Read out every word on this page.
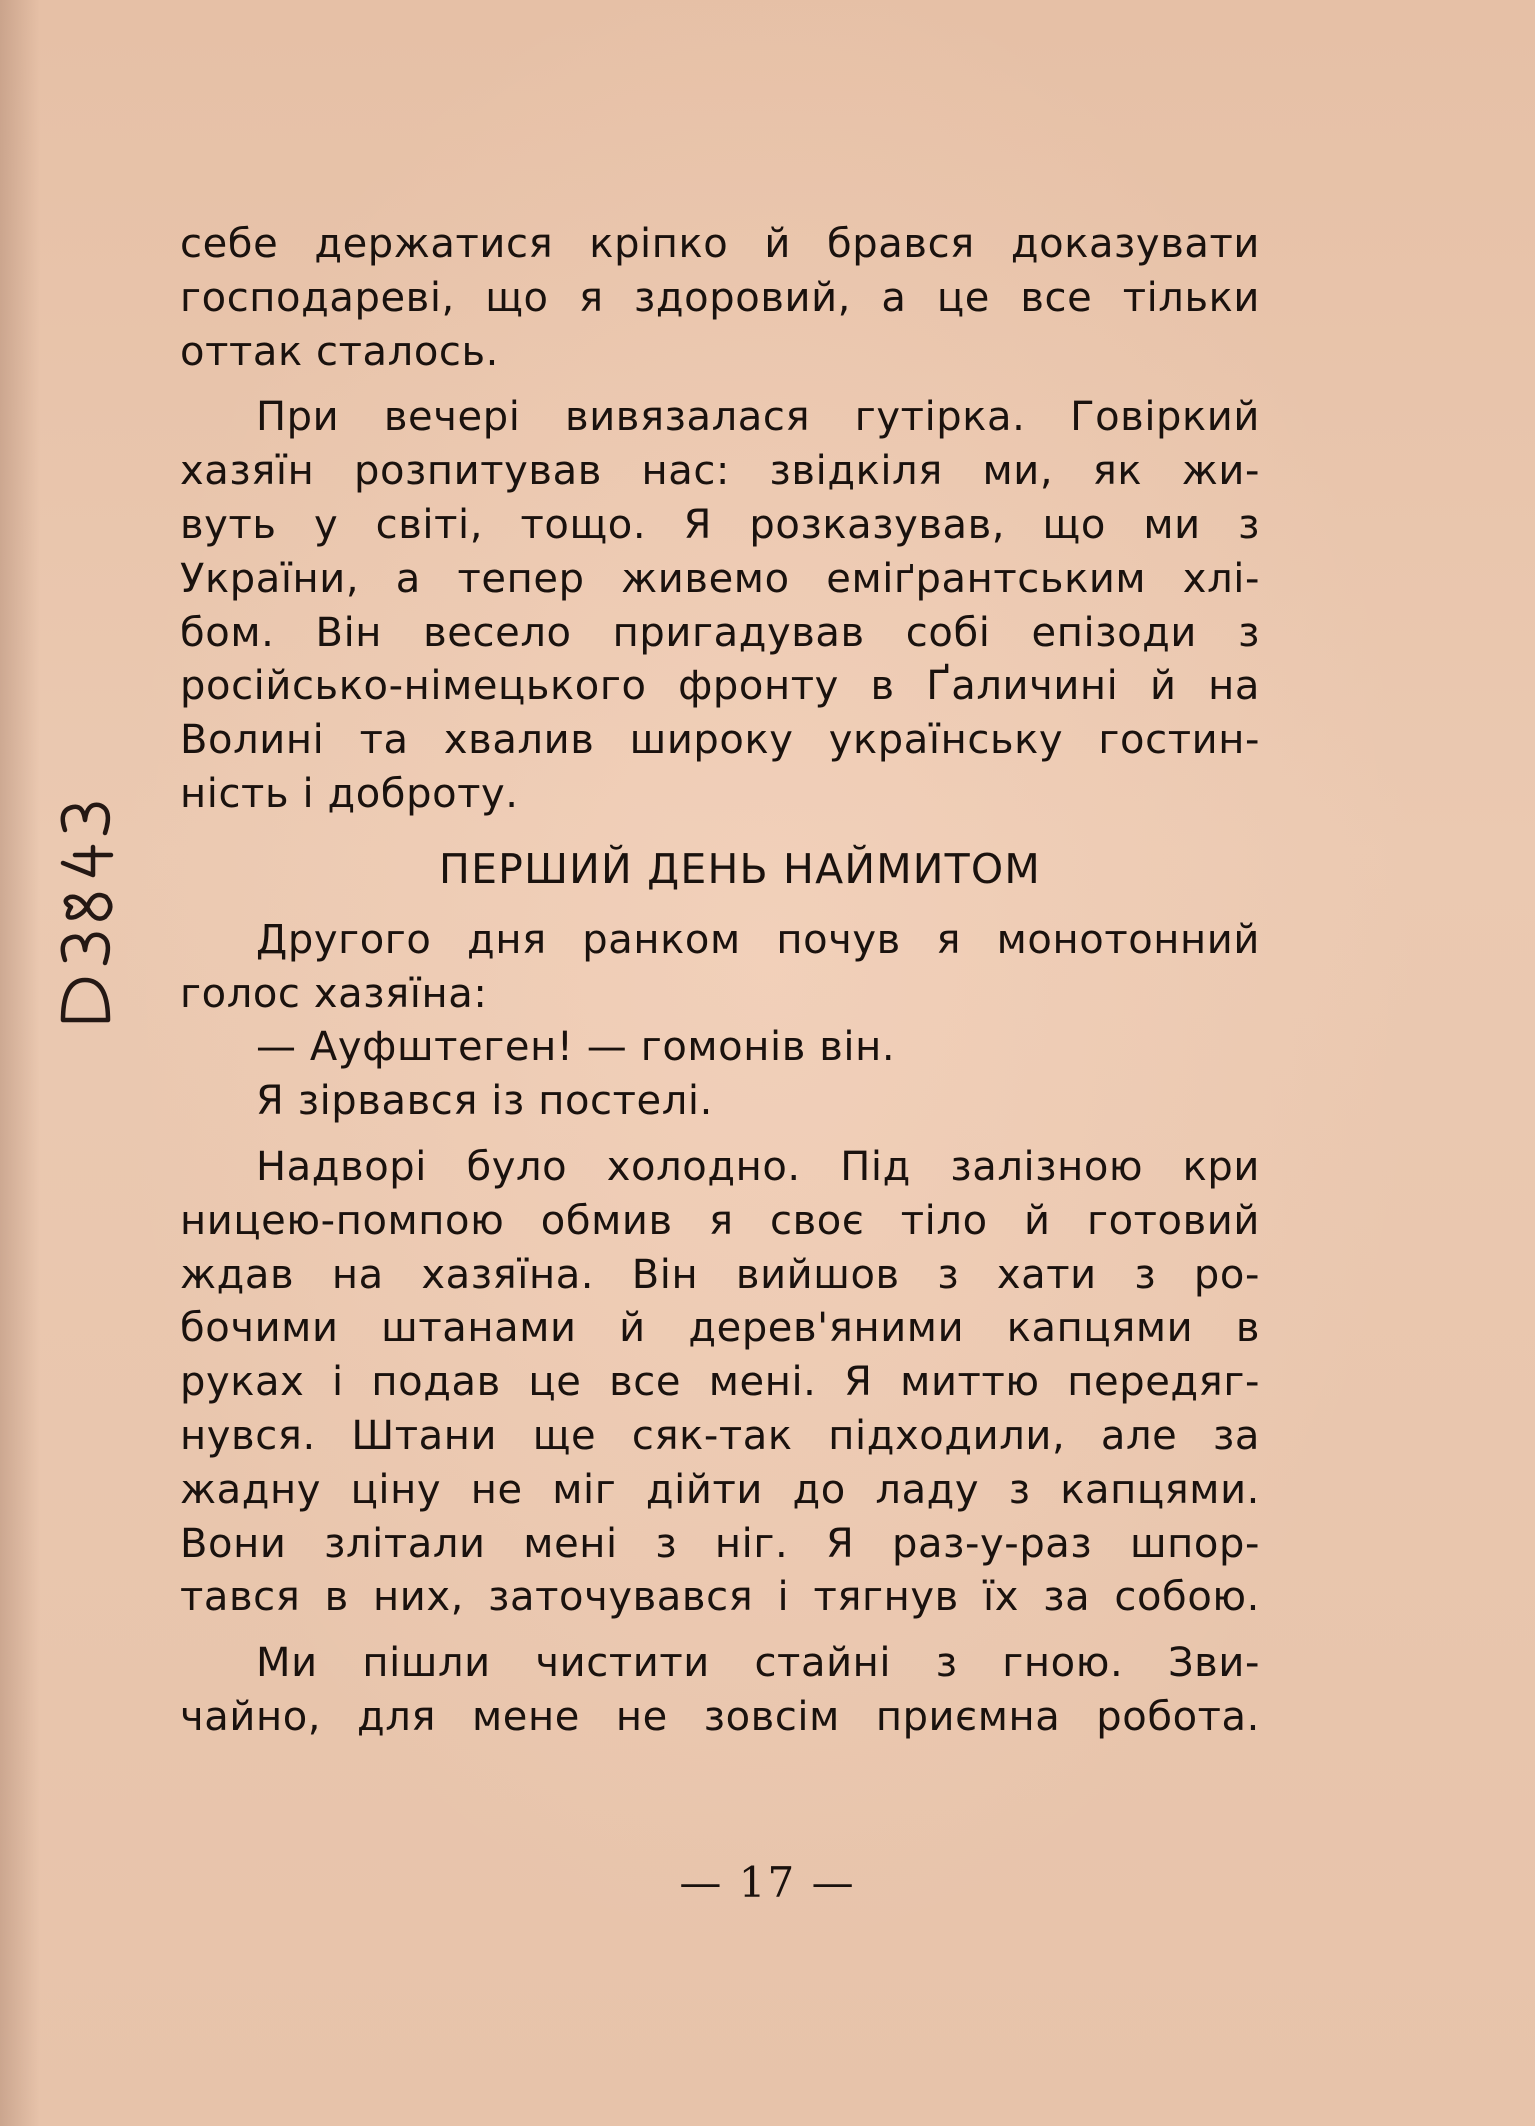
себе держатися кріпко й брався доказувати
господареві, що я здоровий, а це все тільки
оттак сталось.
При вечері вивязалася гутірка. Говіркий
хазяїн розпитував нас: звідкіля ми, як жи-
вуть у світі, тощо. Я розказував, що ми з
України, а тепер живемо еміґрантським хлі-
бом. Він весело пригадував собі епізоди з
російсько-німецького фронту в Ґаличині й на
Волині та хвалив широку українську гостин-
ність і доброту.
ПЕРШИЙ ДЕНЬ НАЙМИТОМ
Другого дня ранком почув я монотонний
голос хазяїна:
— Ауфштеген! — гомонів він.
Я зірвався із постелі.
Надворі було холодно. Під залізною кри
ницею-помпою обмив я своє тіло й готовий
ждав на хазяїна. Він вийшов з хати з ро-
бочими штанами й дерев'яними капцями в
руках і подав це все мені. Я миттю передяг-
нувся. Штани ще сяк-так підходили, але за
жадну ціну не міг дійти до ладу з капцями.
Вони злітали мені з ніг. Я раз-у-раз шпор-
тався в них, заточувався і тягнув їх за собою.
Ми пішли чистити стайні з гною. Зви-
чайно, для мене не зовсім приємна робота.
— 17 —
